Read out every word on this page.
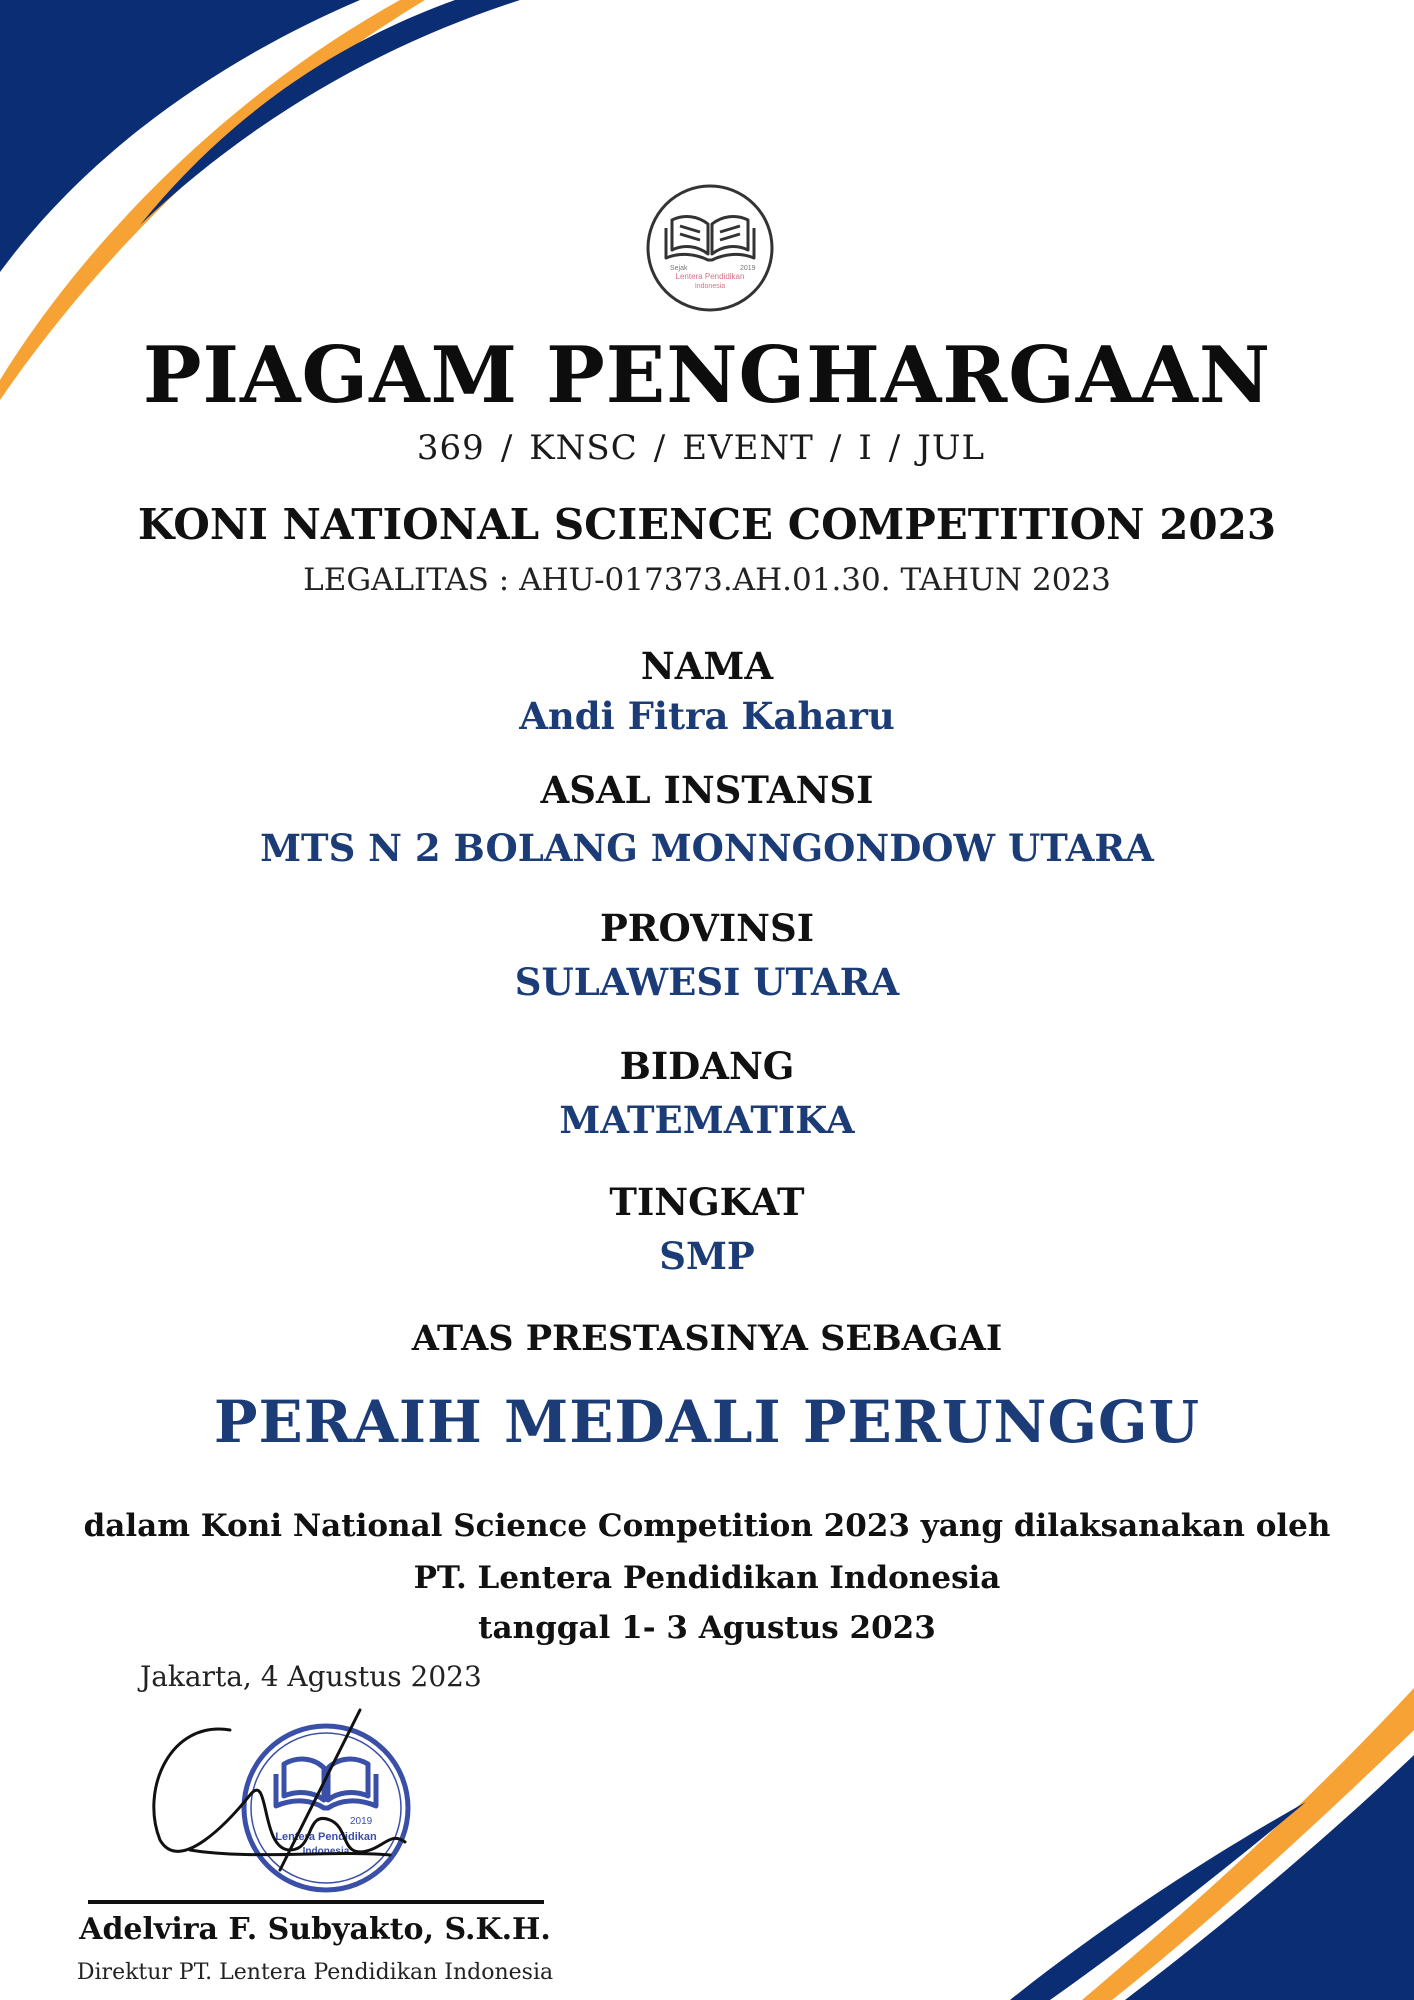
Sejak	2019
Lentera Pendidikan
Indonesia
PIAGAM PENGHARGAAN
369 / KNSC / EVENT / I / JUL
KONI NATIONAL SCIENCE COMPETITION 2023
LEGALITAS : AHU-017373.AH.01.30. TAHUN 2023
NAMA
Andi Fitra Kaharu
ASAL INSTANSI
MTS N 2 BOLANG MONNGONDOW UTARA
PROVINSI
SULAWESI UTARA
BIDANG
MATEMATIKA
TINGKAT
SMP
ATAS PRESTASINYA SEBAGAI
PERAIH MEDALI PERUNGGU
dalam Koni National Science Competition 2023 yang dilaksanakan oleh
PT. Lentera Pendidikan Indonesia
tanggal 1- 3 Agustus 2023
Jakarta, 4 Agustus 2023
2019
Lentera Pendidikan
Indonesia
Adelvira F. Subyakto, S.K.H.
Direktur PT. Lentera Pendidikan Indonesia
